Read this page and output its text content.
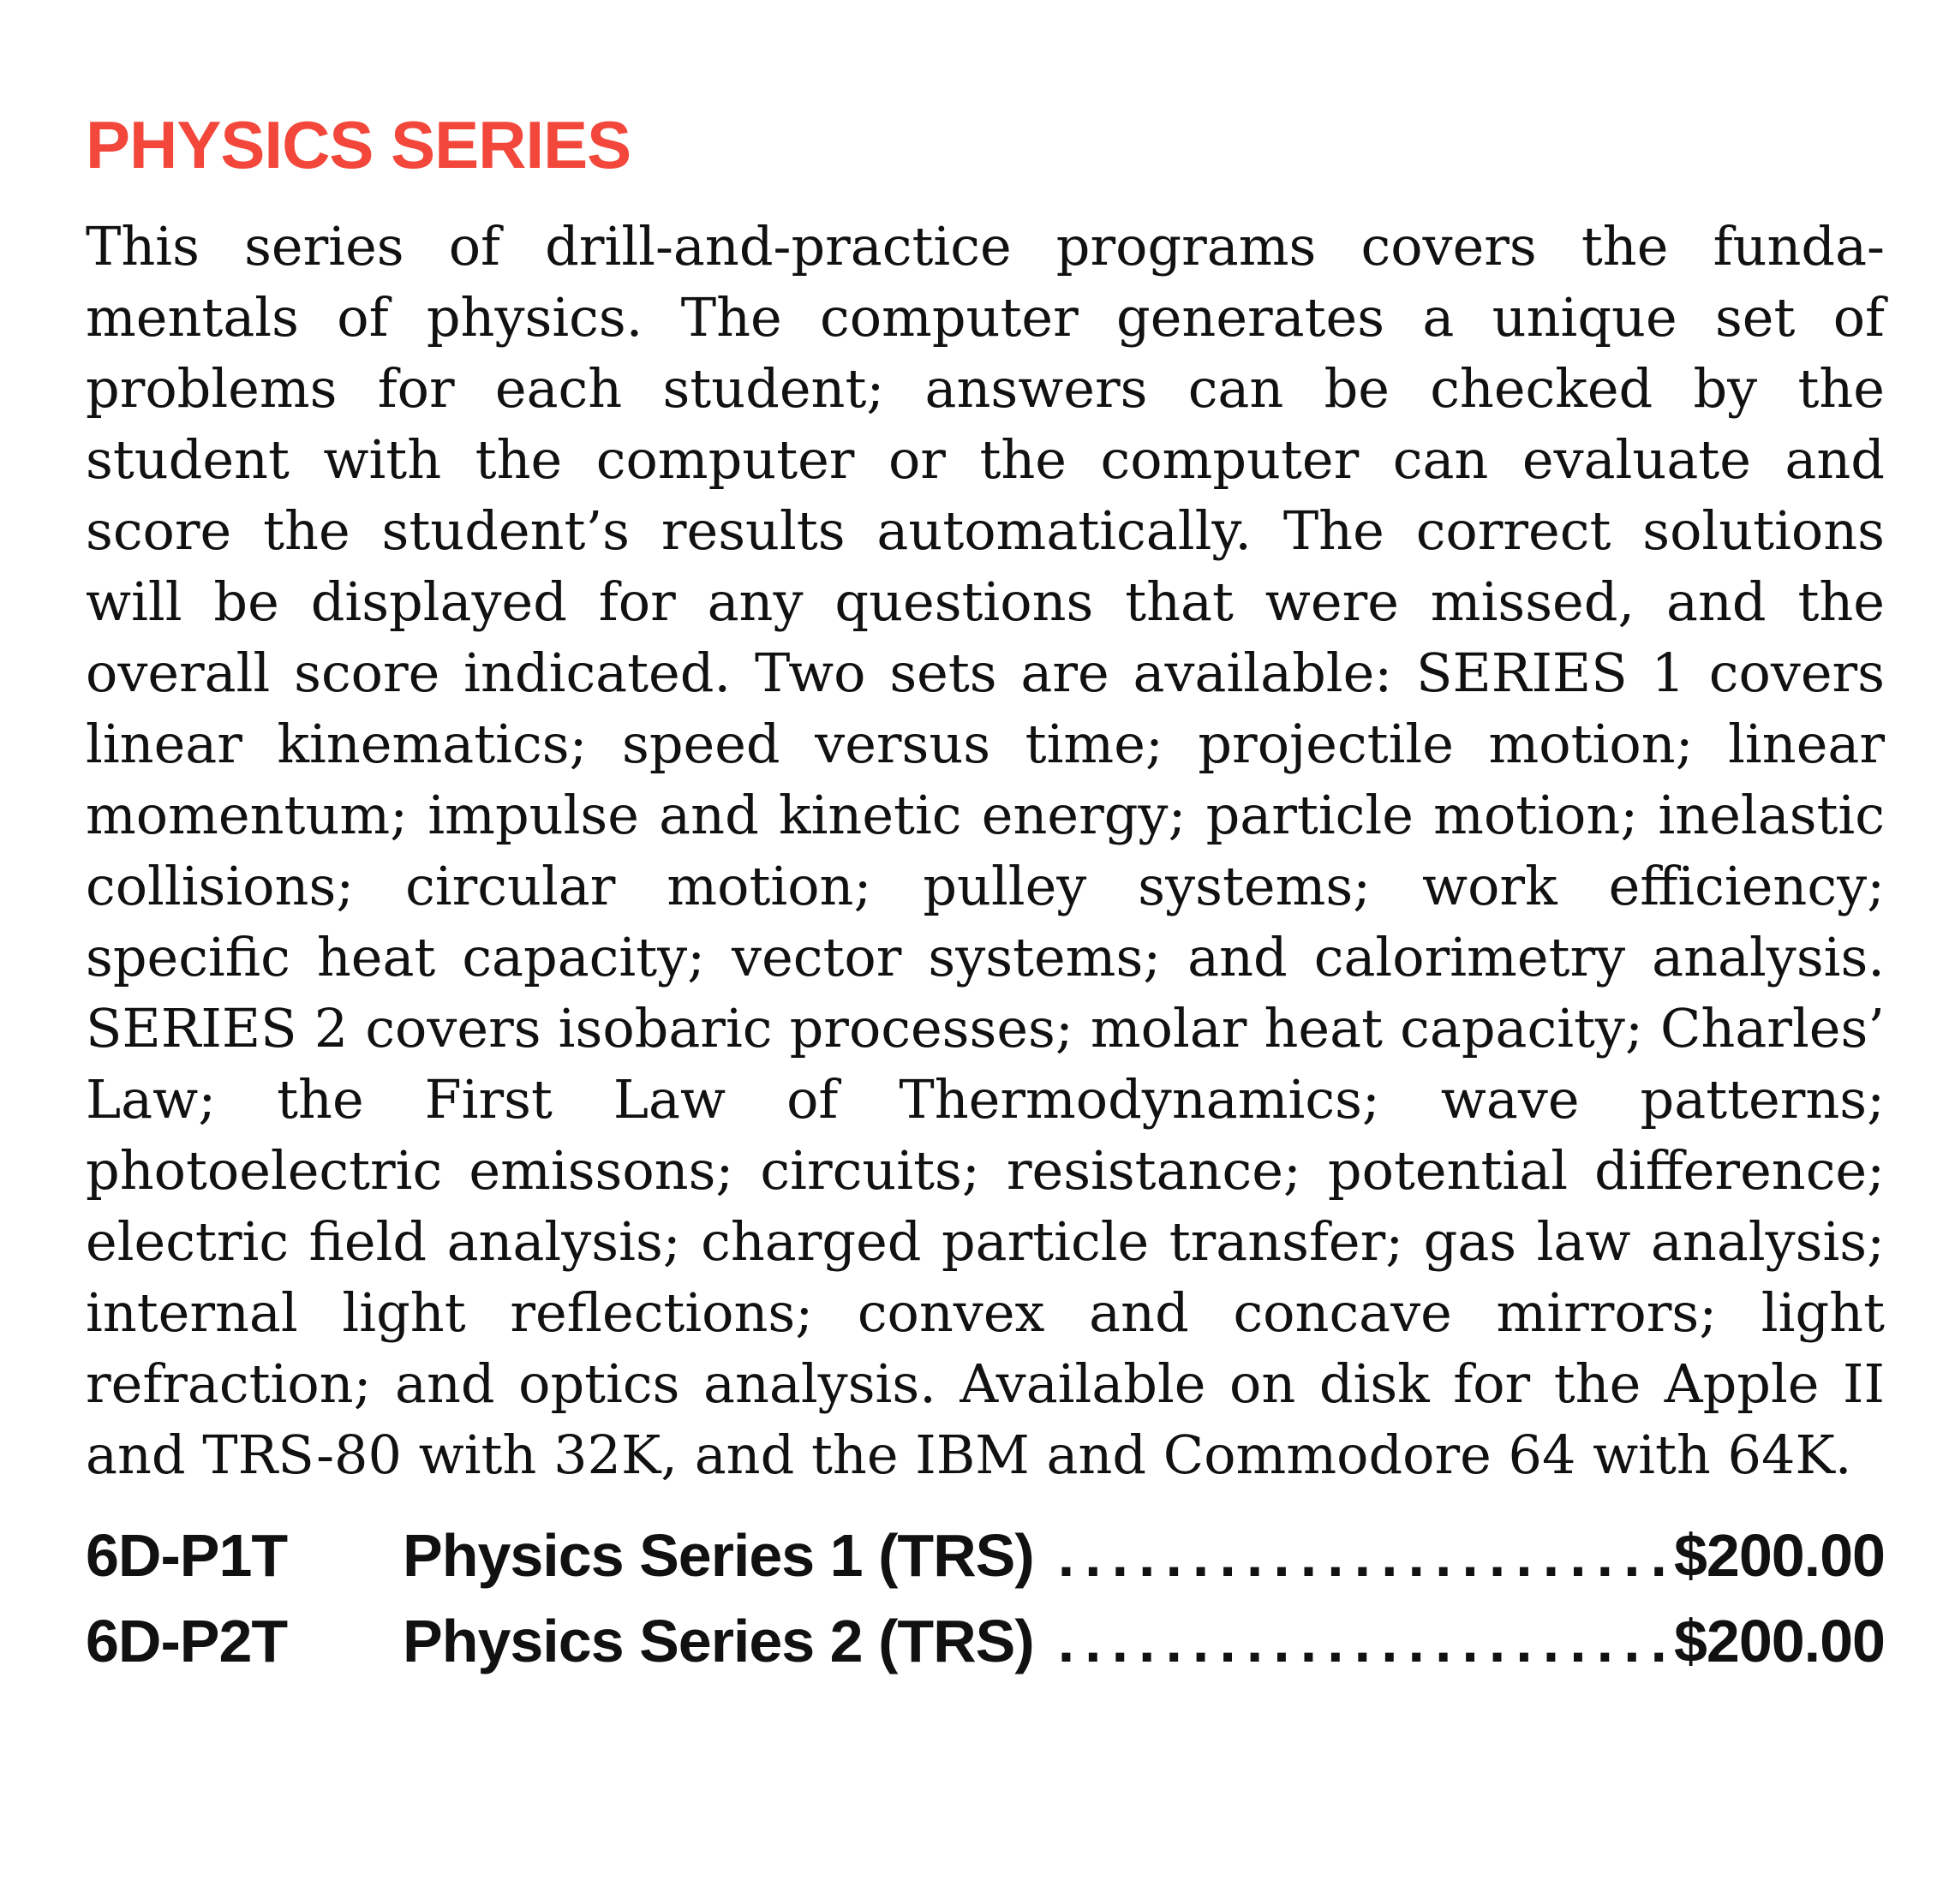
PHYSICS SERIES

This series of drill-and-practice programs covers the fundamentals of physics. The computer generates a unique set of problems for each student; answers can be checked by the student with the computer or the computer can evaluate and score the student’s results automatically. The correct solutions will be displayed for any questions that were missed, and the overall score indicated. Two sets are available: SERIES 1 covers linear kinematics; speed versus time; projectile motion; linear momentum; impulse and kinetic energy; particle motion; inelastic collisions; circular motion; pulley systems; work efficiency; specific heat capacity; vector systems; and calorimetry analysis. SERIES 2 covers isobaric processes; molar heat capacity; Charles’ Law; the First Law of Thermodynamics; wave patterns; photoelectric emissons; circuits; resistance; potential difference; electric field analysis; charged particle transfer; gas law analysis; internal light reflections; convex and concave mirrors; light refraction; and optics analysis. Available on disk for the Apple II and TRS-80 with 32K, and the IBM and Commodore 64 with 64K.

6D-P1T	Physics Series 1 (TRS) .....	$200.00
6D-P2T	Physics Series 2 (TRS) .....	$200.00
